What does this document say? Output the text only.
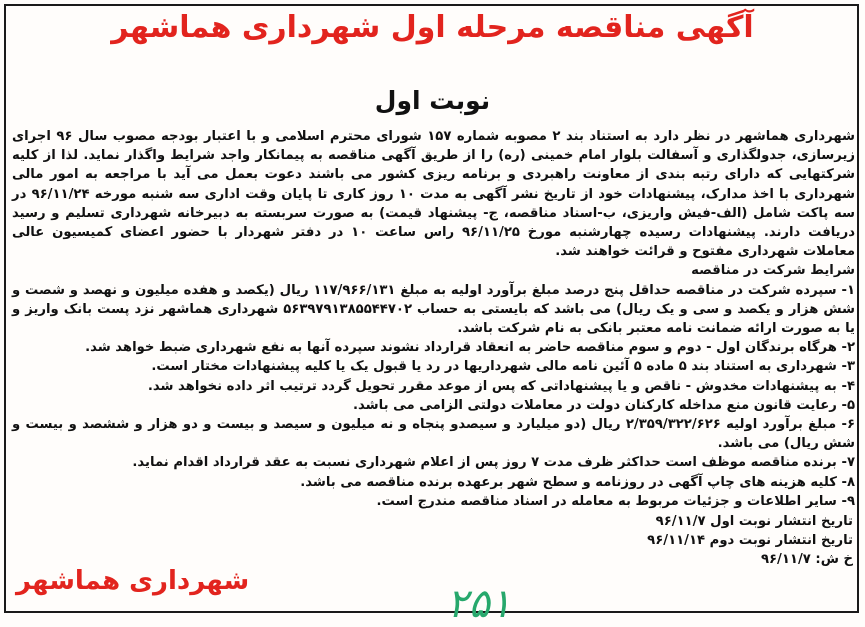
آگهی مناقصه مرحله اول شهرداری هماشهر
نوبت اول

شهرداری هماشهر در نظر دارد به استناد بند ۲ مصوبه شماره ۱۵۷ شورای محترم اسلامی و با اعتبار بودجه مصوب سال ۹۶ اجرای زیرسازی، جدولگذاری و آسفالت بلوار امام خمینی (ره) را از طریق آگهی مناقصه به پیمانکار واجد شرایط واگذار نماید. لذا از کلیه شرکتهایی که دارای رتبه بندی از معاونت راهبردی و برنامه ریزی کشور می باشند دعوت بعمل می آید با مراجعه به امور مالی شهرداری با اخذ مدارک، پیشنهادات خود از تاریخ نشر آگهی به مدت ۱۰ روز کاری تا پایان وقت اداری سه شنبه مورخه ۹۶/۱۱/۲۴ در سه پاکت شامل (الف-فیش واریزی، ب-اسناد مناقصه، ج- پیشنهاد قیمت) به صورت سربسته به دبیرخانه شهرداری تسلیم و رسید دریافت دارند. پیشنهادات رسیده چهارشنبه مورخ ۹۶/۱۱/۲۵ راس ساعت ۱۰ در دفتر شهردار با حضور اعضای کمیسیون عالی معاملات شهرداری مفتوح و قرائت خواهند شد.

شرایط شرکت در مناقصه

۱- سپرده شرکت در مناقصه حداقل پنج درصد مبلغ برآورد اولیه به مبلغ ۱۱۷/۹۶۶/۱۳۱ ریال (یکصد و هفده میلیون و نهصد و شصت و شش هزار و یکصد و سی و یک ریال) می باشد که بایستی به حساب ۵۶۳۹۷۹۱۳۸۵۵۴۴۷۰۲ شهرداری هماشهر نزد پست بانک واریز و یا به صورت ارائه ضمانت نامه معتبر بانکی به نام شرکت باشد.

۲- هرگاه برندگان اول - دوم و سوم مناقصه حاضر به انعقاد قرارداد نشوند سپرده آنها به نفع شهرداری ضبط خواهد شد.

۳- شهرداری به استناد بند ۵ ماده ۵ آئین نامه مالی شهرداریها در رد یا قبول یک یا کلیه پیشنهادات مختار است.

۴- به پیشنهادات مخدوش - ناقص و یا پیشنهاداتی که پس از موعد مقرر تحویل گردد ترتیب اثر داده نخواهد شد.

۵- رعایت قانون منع مداخله کارکنان دولت در معاملات دولتی الزامی می باشد.

۶- مبلغ برآورد اولیه ۲/۳۵۹/۳۲۲/۶۲۶ ریال (دو میلیارد و سیصدو پنجاه و نه میلیون و سیصد و بیست و دو هزار و ششصد و بیست و شش ریال) می باشد.

۷- برنده مناقصه موظف است حداکثر ظرف مدت ۷ روز پس از اعلام شهرداری نسبت به عقد قرارداد اقدام نماید.

۸- کلیه هزینه های چاپ آگهی در روزنامه و سطح شهر برعهده برنده مناقصه می باشد.

۹- سایر اطلاعات و جزئیات مربوط به معامله در اسناد مناقصه مندرج است.

تاریخ انتشار نوبت اول ۹۶/۱۱/۷
تاریخ انتشار نوبت دوم ۹۶/۱۱/۱۴
خ ش: ۹۶/۱۱/۷
شهرداری هماشهر	۲۵۱
